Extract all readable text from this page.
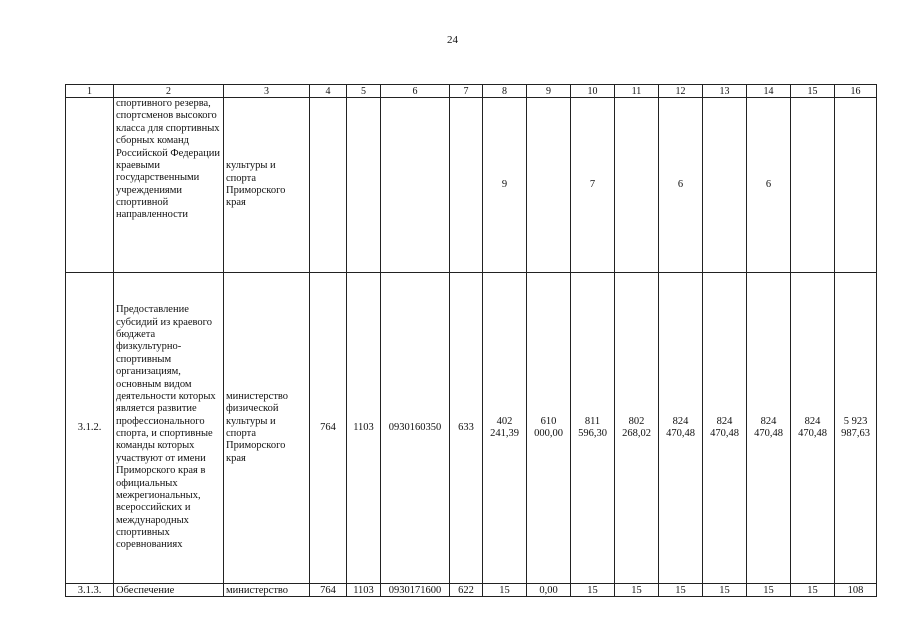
24
1	2	3	4	5	6	7	8	9	10	11	12	13	14	15	16
	спортивного резерва, спортсменов высокого класса для спортивных сборных команд Российской Федерации краевыми государственными учреждениями спортивной направленности	культуры и спорта Приморского края					9		7		6		6		
3.1.2.	Предоставление субсидий из краевого бюджета физкультурно-спортивным организациям, основным видом деятельности которых является развитие профессионального спорта, и спортивные команды которых участвуют от имени Приморского края в официальных межрегиональных, всероссийских и международных спортивных соревнованиях	министерство физической культуры и спорта Приморского края	764	1103	0930160350	633	402 241,39	610 000,00	811 596,30	802 268,02	824 470,48	824 470,48	824 470,48	824 470,48	5 923 987,63
3.1.3.	Обеспечение	министерство	764	1103	0930171600	622	15	0,00	15	15	15	15	15	15	108
